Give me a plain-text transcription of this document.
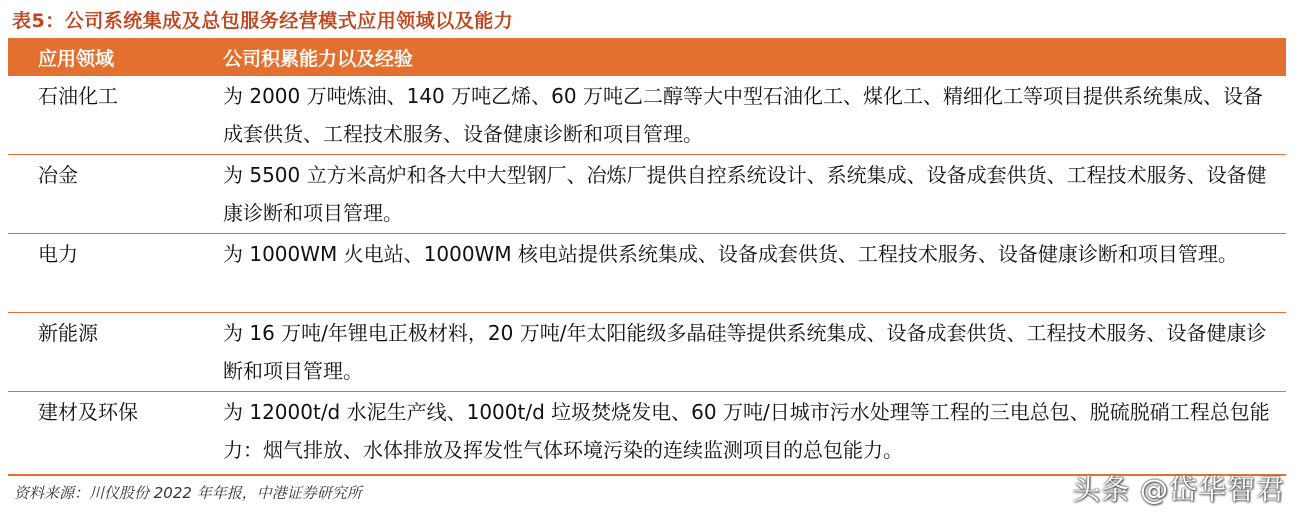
表5：公司系统集成及总包服务经营模式应用领域以及能力
应用领域	公司积累能力以及经验
石油化工	为 2000 万吨炼油、140 万吨乙烯、60 万吨乙二醇等大中型石油化工、煤化工、精细化工等项目提供系统集成、设备成套供货、工程技术服务、设备健康诊断和项目管理。
冶金	为 5500 立方米高炉和各大中大型钢厂、冶炼厂提供自控系统设计、系统集成、设备成套供货、工程技术服务、设备健康诊断和项目管理。
电力	为 1000WM 火电站、1000WM 核电站提供系统集成、设备成套供货、工程技术服务、设备健康诊断和项目管理。
新能源	为 16 万吨/年锂电正极材料，20 万吨/年太阳能级多晶硅等提供系统集成、设备成套供货、工程技术服务、设备健康诊断和项目管理。
建材及环保	为 12000t/d 水泥生产线、1000t/d 垃圾焚烧发电、60 万吨/日城市污水处理等工程的三电总包、脱硫脱硝工程总包能力：烟气排放、水体排放及挥发性气体环境污染的连续监测项目的总包能力。
资料来源：川仪股份 2022 年年报，中港证券研究所	头条 @岱华智君
